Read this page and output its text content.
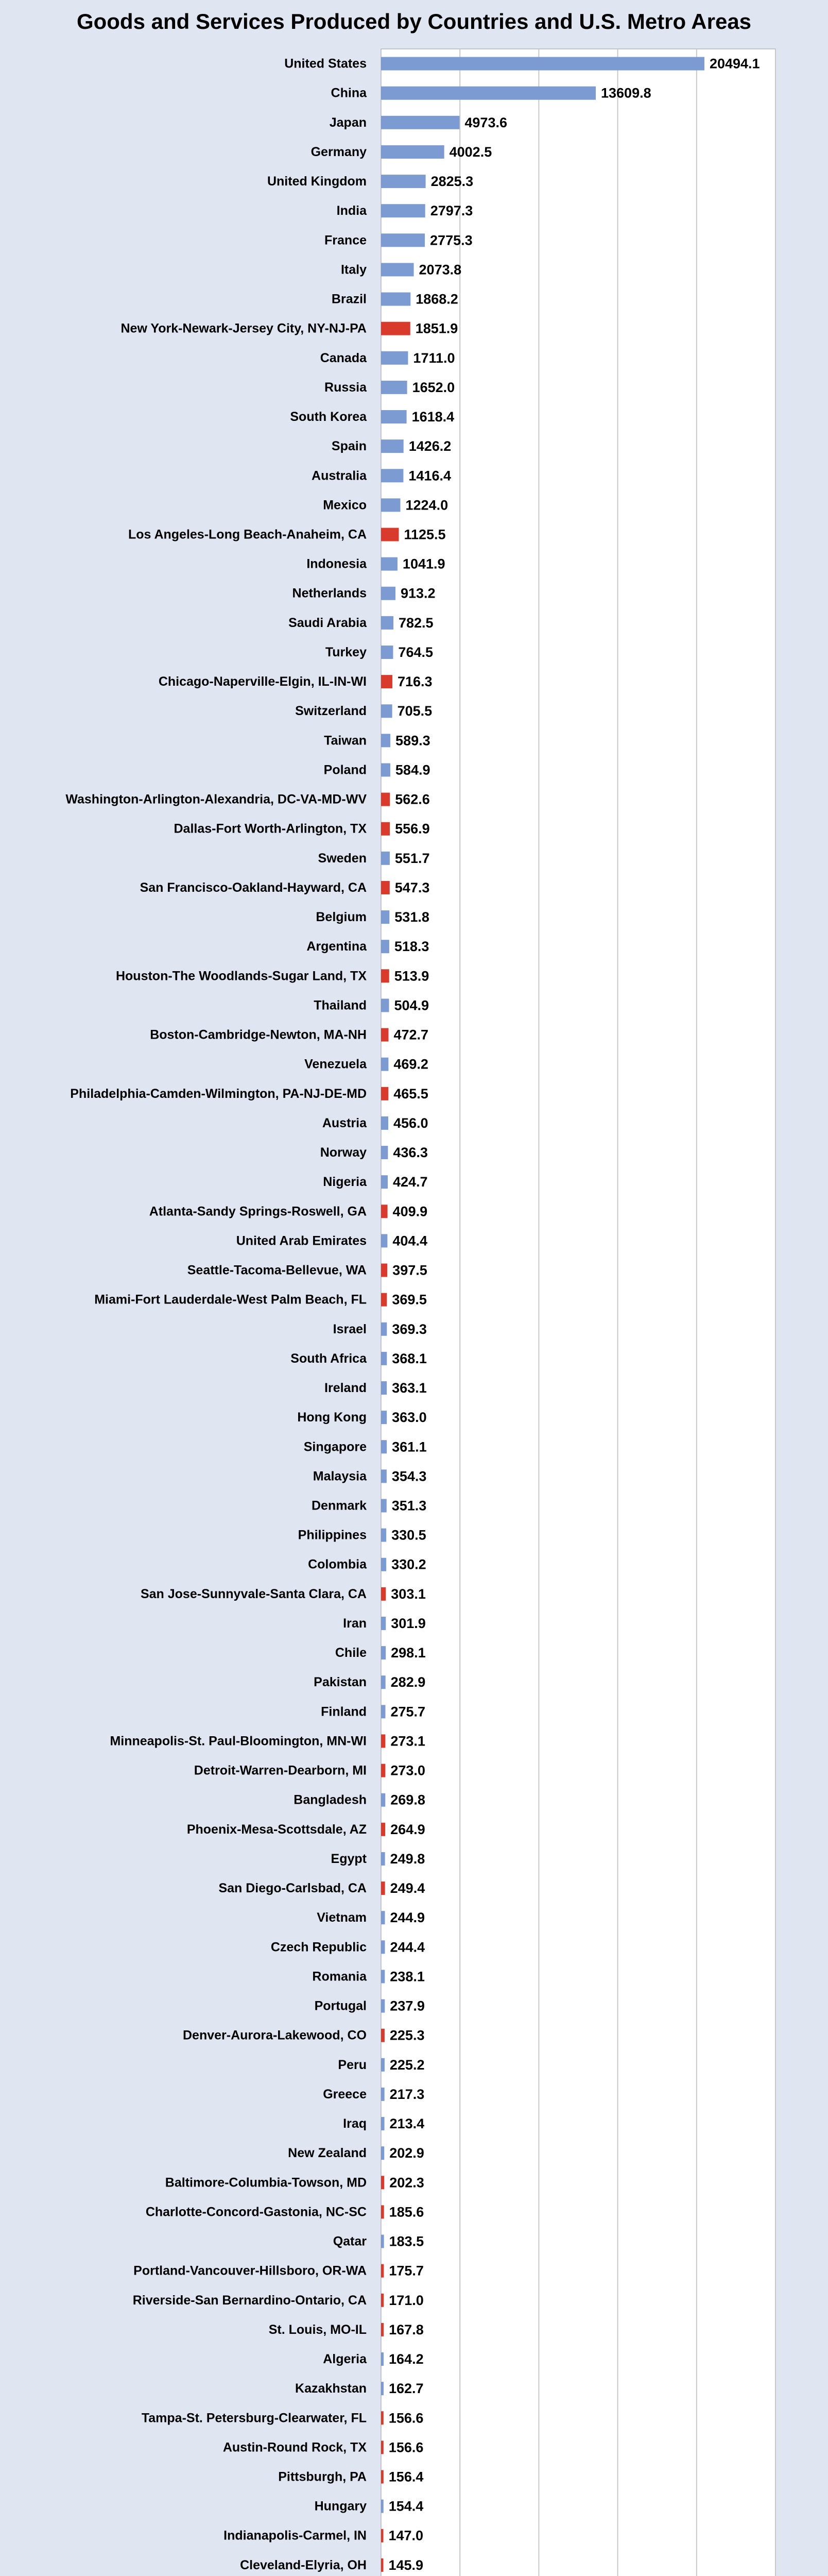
Goods and Services Produced by Countries and U.S. Metro Areas
United States
China
Japan
Germany
United Kingdom
India
France
Italy
Brazil
New York-Newark-Jersey City, NY-NJ-PA
Canada
Russia
South Korea
Spain
Australia
Mexico
Los Angeles-Long Beach-Anaheim, CA
Indonesia
Netherlands
Saudi Arabia
Turkey
Chicago-Naperville-Elgin, IL-IN-WI
Switzerland
Taiwan
Poland
Washington-Arlington-Alexandria, DC-VA-MD-WV
Dallas-Fort Worth-Arlington, TX
Sweden
San Francisco-Oakland-Hayward, CA
Belgium
Argentina
Houston-The Woodlands-Sugar Land, TX
Thailand
Boston-Cambridge-Newton, MA-NH
Venezuela
Philadelphia-Camden-Wilmington, PA-NJ-DE-MD
Austria
Norway
Nigeria
Atlanta-Sandy Springs-Roswell, GA
United Arab Emirates
Seattle-Tacoma-Bellevue, WA
Miami-Fort Lauderdale-West Palm Beach, FL
Israel
South Africa
Ireland
Hong Kong
Singapore
Malaysia
Denmark
Philippines
Colombia
San Jose-Sunnyvale-Santa Clara, CA
Iran
Chile
Pakistan
Finland
Minneapolis-St. Paul-Bloomington, MN-WI
Detroit-Warren-Dearborn, MI
Bangladesh
Phoenix-Mesa-Scottsdale, AZ
Egypt
San Diego-Carlsbad, CA
Vietnam
Czech Republic
Romania
Portugal
Denver-Aurora-Lakewood, CO
Peru
Greece
Iraq
New Zealand
Baltimore-Columbia-Towson, MD
Charlotte-Concord-Gastonia, NC-SC
Qatar
Portland-Vancouver-Hillsboro, OR-WA
Riverside-San Bernardino-Ontario, CA
St. Louis, MO-IL
Algeria
Kazakhstan
Tampa-St. Petersburg-Clearwater, FL
Austin-Round Rock, TX
Pittsburgh, PA
Hungary
Indianapolis-Carmel, IN
Cleveland-Elyria, OH
20494.1
13609.8
4973.6
4002.5
2825.3
2797.3
2775.3
2073.8
1868.2
1851.9
1711.0
1652.0
1618.4
1426.2
1416.4
1224.0
1125.5
1041.9
913.2
782.5
764.5
716.3
705.5
589.3
584.9
562.6
556.9
551.7
547.3
531.8
518.3
513.9
504.9
472.7
469.2
465.5
456.0
436.3
424.7
409.9
404.4
397.5
369.5
369.3
368.1
363.1
363.0
361.1
354.3
351.3
330.5
330.2
303.1
301.9
298.1
282.9
275.7
273.1
273.0
269.8
264.9
249.8
249.4
244.9
244.4
238.1
237.9
225.3
225.2
217.3
213.4
202.9
202.3
185.6
183.5
175.7
171.0
167.8
164.2
162.7
156.6
156.6
156.4
154.4
147.0
145.9
